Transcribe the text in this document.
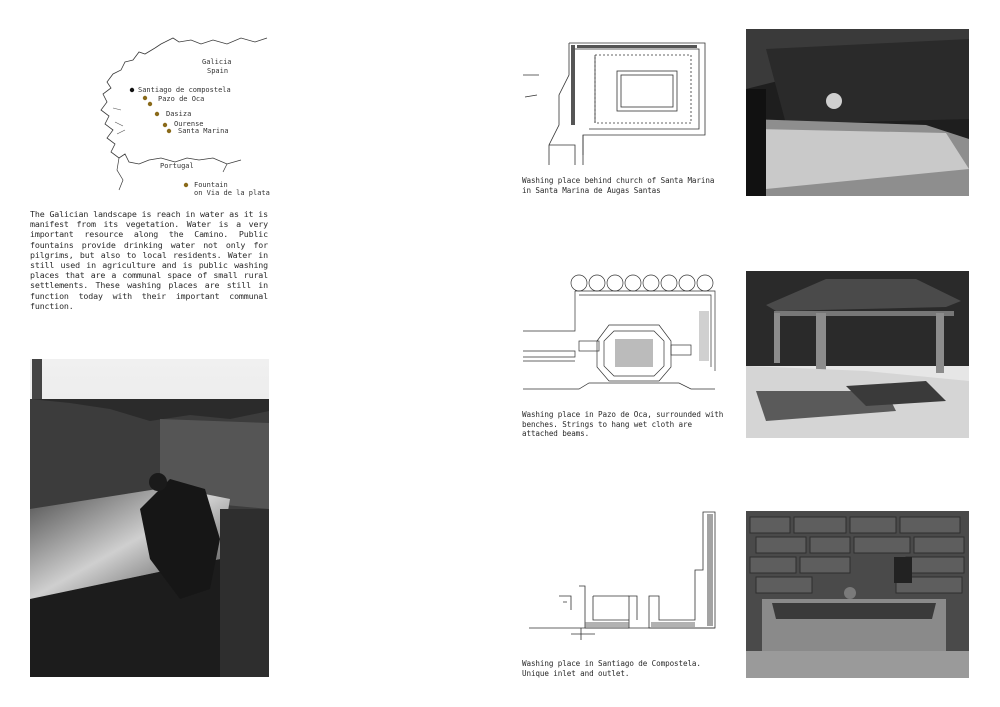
Galicia
Spain
Santiago de compostela
Pazo de Oca
Dasiza
Ourense
Santa Marina
Portugal
Fountain
on Via de la plata
The Galician landscape is reach in water as it is manifest from its vegetation. Water is a very important resource along the Camino. Public fountains provide drinking water not only for pilgrims, but also to local residents. Water in still used in agriculture and is public washing places that are a communal space of small rural settlements. These washing places are still in function today with their important communal function.
Washing place behind church of Santa Marina in Santa Marina de Augas Santas
Washing place in Pazo de Oca, surrounded with benches. Strings to hang wet cloth are attached beams.
Washing place in Santiago de Compostela. Unique inlet and outlet.
